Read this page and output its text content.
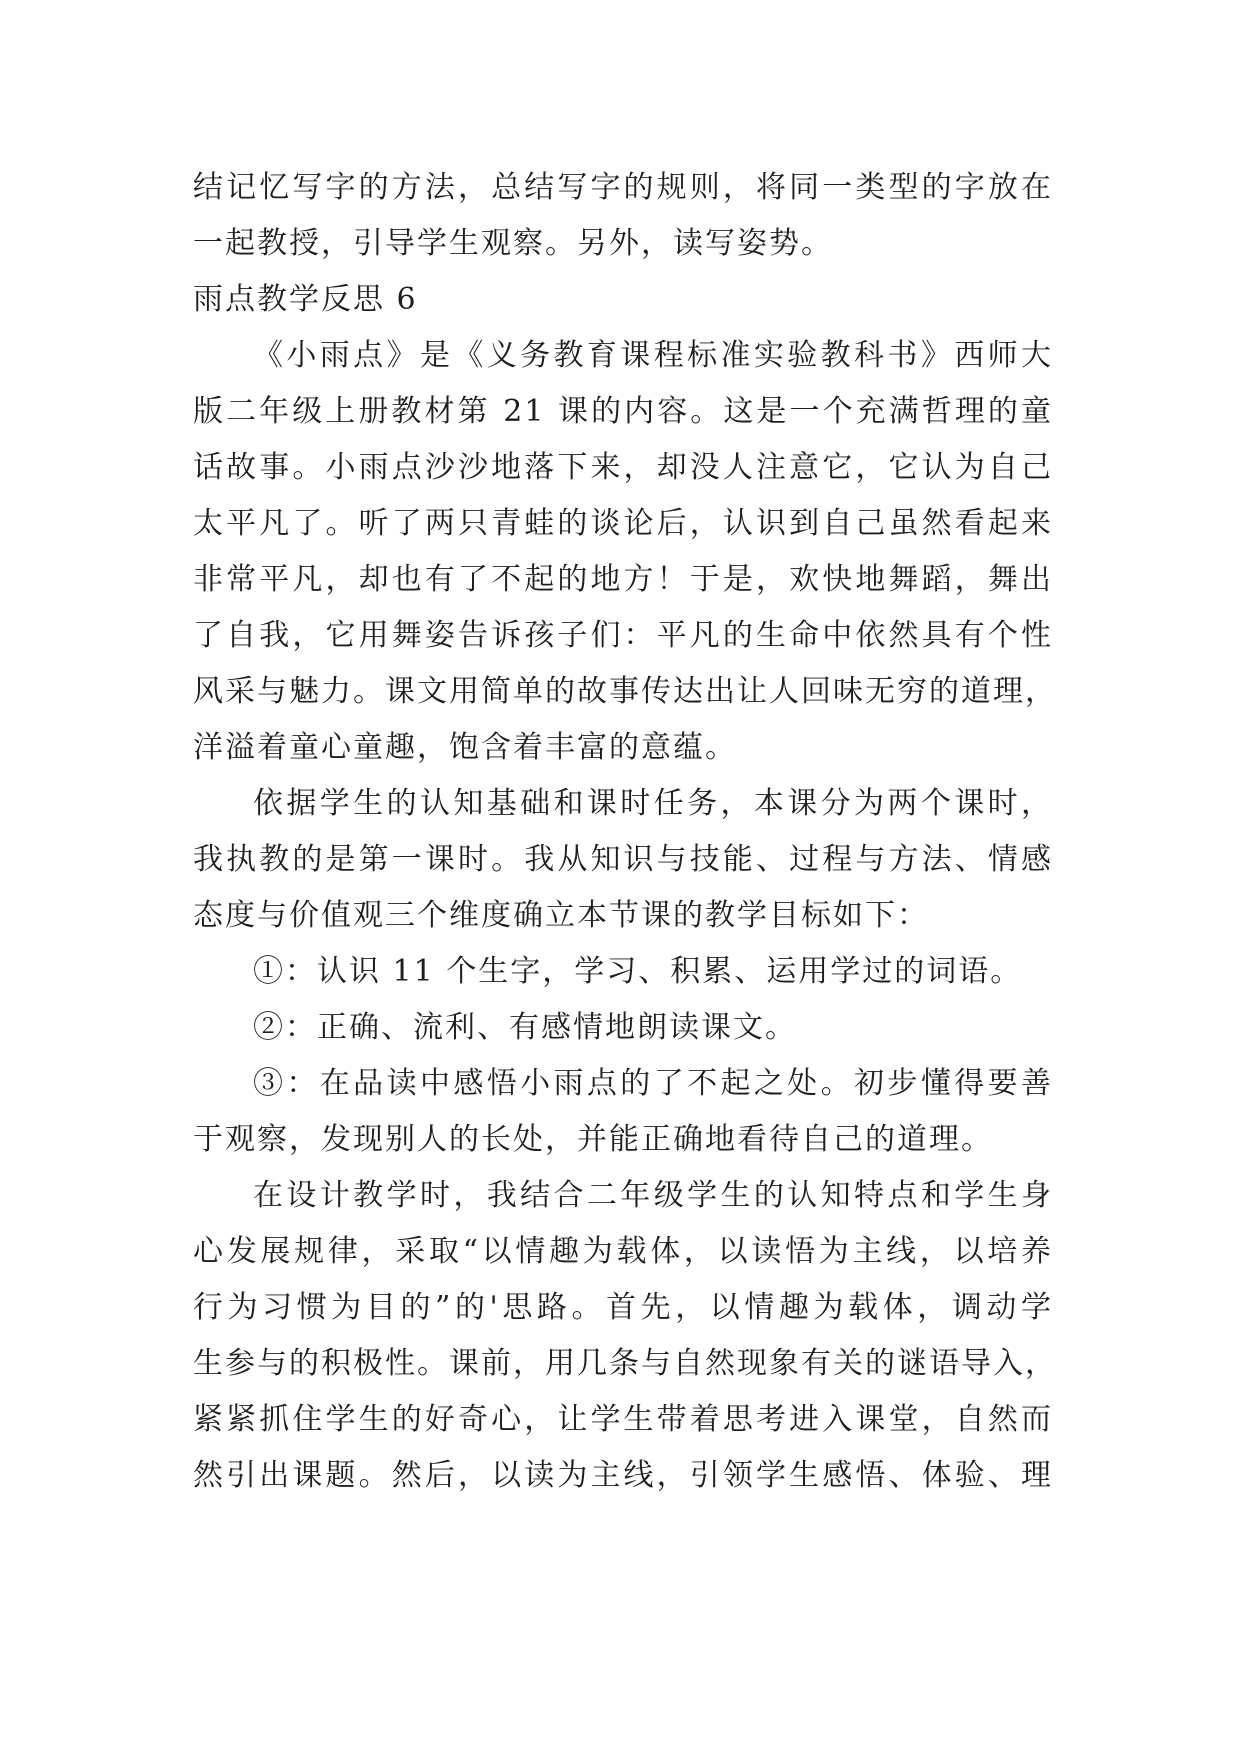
结记忆写字的方法，总结写字的规则，将同一类型的字放在
一起教授，引导学生观察。另外，读写姿势。
雨点教学反思 6
《小雨点》是《义务教育课程标准实验教科书》西师大
版二年级上册教材第 21 课的内容。这是一个充满哲理的童
话故事。小雨点沙沙地落下来，却没人注意它，它认为自己
太平凡了。听了两只青蛙的谈论后，认识到自己虽然看起来
非常平凡，却也有了不起的地方！于是，欢快地舞蹈，舞出
了自我，它用舞姿告诉孩子们：平凡的生命中依然具有个性
风采与魅力。课文用简单的故事传达出让人回味无穷的道理，
洋溢着童心童趣，饱含着丰富的意蕴。
依据学生的认知基础和课时任务，本课分为两个课时，
我执教的是第一课时。我从知识与技能、过程与方法、情感
态度与价值观三个维度确立本节课的教学目标如下：
①：认识 11 个生字，学习、积累、运用学过的词语。
②：正确、流利、有感情地朗读课文。
③：在品读中感悟小雨点的了不起之处。初步懂得要善
于观察，发现别人的长处，并能正确地看待自己的道理。
在设计教学时，我结合二年级学生的认知特点和学生身
心发展规律，采取“以情趣为载体，以读悟为主线，以培养
行为习惯为目的”的'思路。首先，以情趣为载体，调动学
生参与的积极性。课前，用几条与自然现象有关的谜语导入，
紧紧抓住学生的好奇心，让学生带着思考进入课堂，自然而
然引出课题。然后，以读为主线，引领学生感悟、体验、理
